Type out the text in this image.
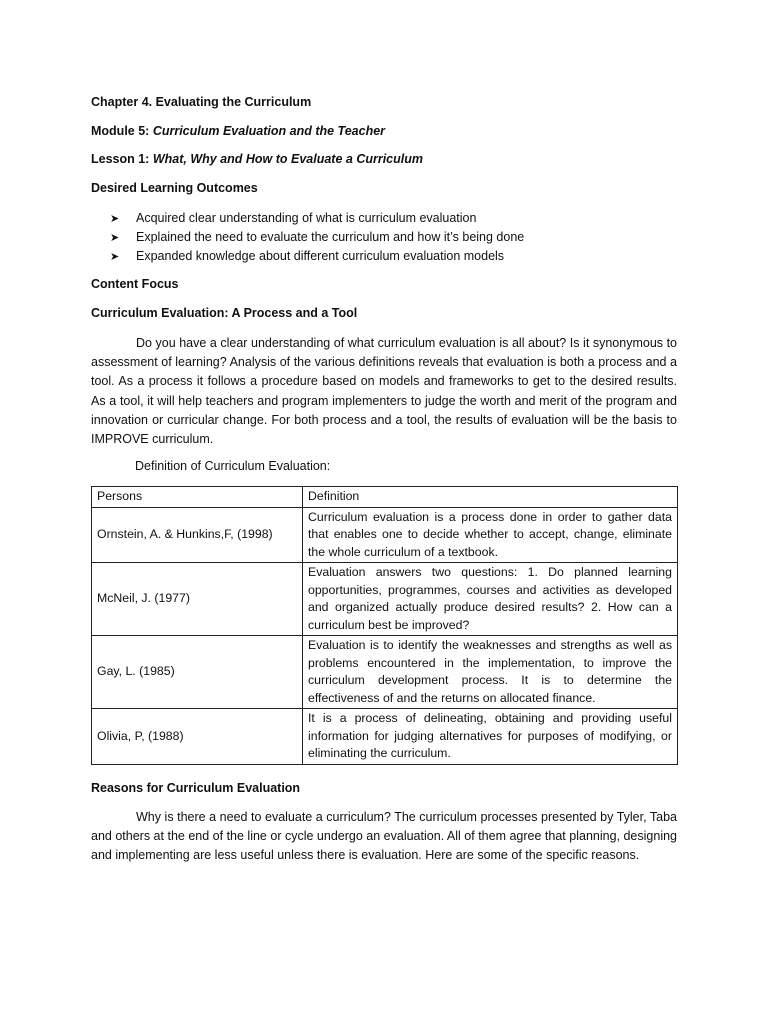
Chapter 4. Evaluating the Curriculum
Module 5: Curriculum Evaluation and the Teacher
Lesson 1: What, Why and How to Evaluate a Curriculum
Desired Learning Outcomes
➤ Acquired clear understanding of what is curriculum evaluation
➤ Explained the need to evaluate the curriculum and how it’s being done
➤ Expanded knowledge about different curriculum evaluation models
Content Focus
Curriculum Evaluation: A Process and a Tool

Do you have a clear understanding of what curriculum evaluation is all about? Is it synonymous to assessment of learning? Analysis of the various definitions reveals that evaluation is both a process and a tool. As a process it follows a procedure based on models and frameworks to get to the desired results. As a tool, it will help teachers and program implementers to judge the worth and merit of the program and innovation or curricular change. For both process and a tool, the results of evaluation will be the basis to IMPROVE curriculum.

Definition of Curriculum Evaluation:
Persons	Definition
Ornstein, A. & Hunkins,F, (1998)	Curriculum evaluation is a process done in order to gather data that enables one to decide whether to accept, change, eliminate the whole curriculum of a textbook.
McNeil, J. (1977)	Evaluation answers two questions: 1. Do planned learning opportunities, programmes, courses and activities as developed and organized actually produce desired results? 2. How can a curriculum best be improved?
Gay, L. (1985)	Evaluation is to identify the weaknesses and strengths as well as problems encountered in the implementation, to improve the curriculum development process. It is to determine the effectiveness of and the returns on allocated finance.
Olivia, P, (1988)	It is a process of delineating, obtaining and providing useful information for judging alternatives for purposes of modifying, or eliminating the curriculum.
Reasons for Curriculum Evaluation

Why is there a need to evaluate a curriculum? The curriculum processes presented by Tyler, Taba and others at the end of the line or cycle undergo an evaluation. All of them agree that planning, designing and implementing are less useful unless there is evaluation. Here are some of the specific reasons.
